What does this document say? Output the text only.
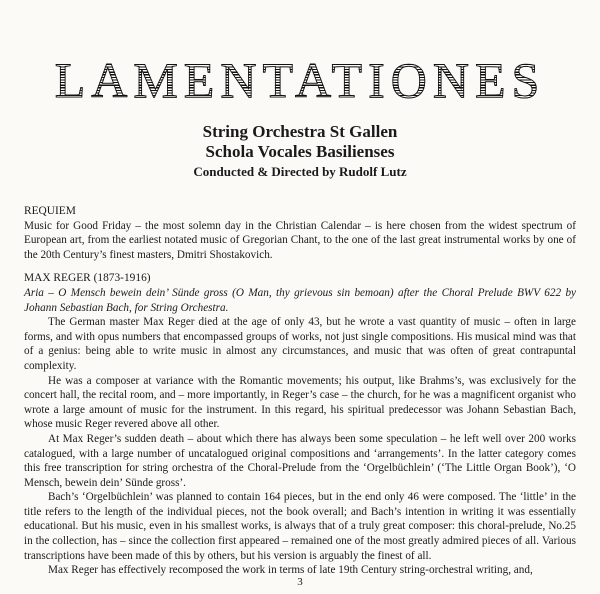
LAMENTATIONES
String Orchestra St Gallen
Schola Vocales Basilienses
Conducted & Directed by Rudolf Lutz
REQUIEM

Music for Good Friday – the most solemn day in the Christian Calendar – is here chosen from the widest spectrum of European art, from the earliest notated music of Gregorian Chant, to the one of the last great instrumental works by one of the 20th Century’s finest masters, Dmitri Shostakovich.

MAX REGER (1873-1916)

Aria – O Mensch bewein dein’ Sünde gross (O Man, thy grievous sin bemoan) after the Choral Prelude BWV 622 by Johann Sebastian Bach, for String Orchestra.

The German master Max Reger died at the age of only 43, but he wrote a vast quantity of music – often in large forms, and with opus numbers that encompassed groups of works, not just single compositions. His musical mind was that of a genius: being able to write music in almost any circumstances, and music that was often of great contrapuntal complexity.

He was a composer at variance with the Romantic movements; his output, like Brahms’s, was exclusively for the concert hall, the recital room, and – more importantly, in Reger’s case – the church, for he was a magnificent organist who wrote a large amount of music for the instrument. In this regard, his spiritual predecessor was Johann Sebastian Bach, whose music Reger revered above all other.

At Max Reger’s sudden death – about which there has always been some speculation – he left well over 200 works catalogued, with a large number of uncatalogued original compositions and ‘arrangements’. In the latter category comes this free transcription for string orchestra of the Choral-Prelude from the ‘Orgelbüchlein’ (‘The Little Organ Book’), ‘O Mensch, bewein dein’ Sünde gross’.

Bach’s ‘Orgelbüchlein’ was planned to contain 164 pieces, but in the end only 46 were composed. The ‘little’ in the title refers to the length of the individual pieces, not the book overall; and Bach’s intention in writing it was essentially educational. But his music, even in his smallest works, is always that of a truly great composer: this choral-prelude, No.25 in the collection, has – since the collection first appeared – remained one of the most greatly admired pieces of all. Various transcriptions have been made of this by others, but his version is arguably the finest of all.

Max Reger has effectively recomposed the work in terms of late 19th Century string-orchestral writing, and,

3
